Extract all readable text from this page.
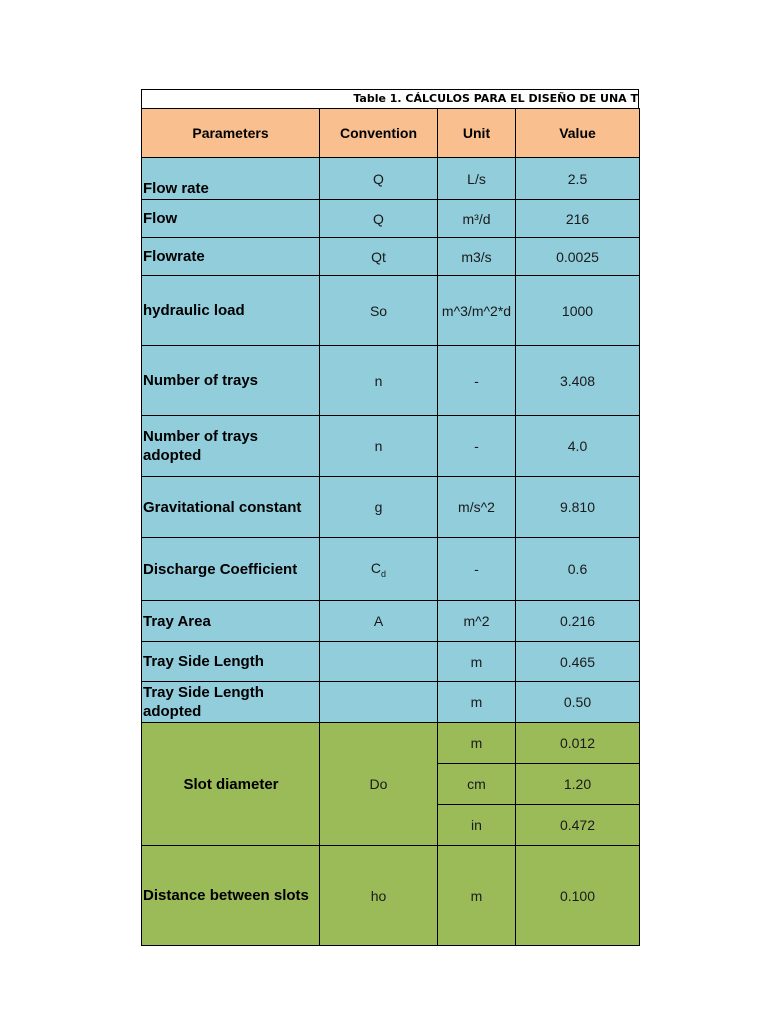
Table 1. CÁLCULOS PARA EL DISEÑO DE UNA T
Parameters	Convention	Unit	Value
Flow rate	Q	L/s	2.5
Flow	Q	m³/d	216
Flowrate	Qt	m3/s	0.0025
hydraulic load	So	m^3/m^2*d	1000
Number of trays	n	-	3.408
Number of trays adopted	n	-	4.0
Gravitational constant	g	m/s^2	9.810
Discharge Coefficient	$C_d$	-	0.6
Tray Area	A	m^2	0.216
Tray Side Length		m	0.465
Tray Side Length adopted		m	0.50
Slot diameter	Do	m	0.012
		cm	1.20
		in	0.472
Distance between slots	ho	m	0.100
